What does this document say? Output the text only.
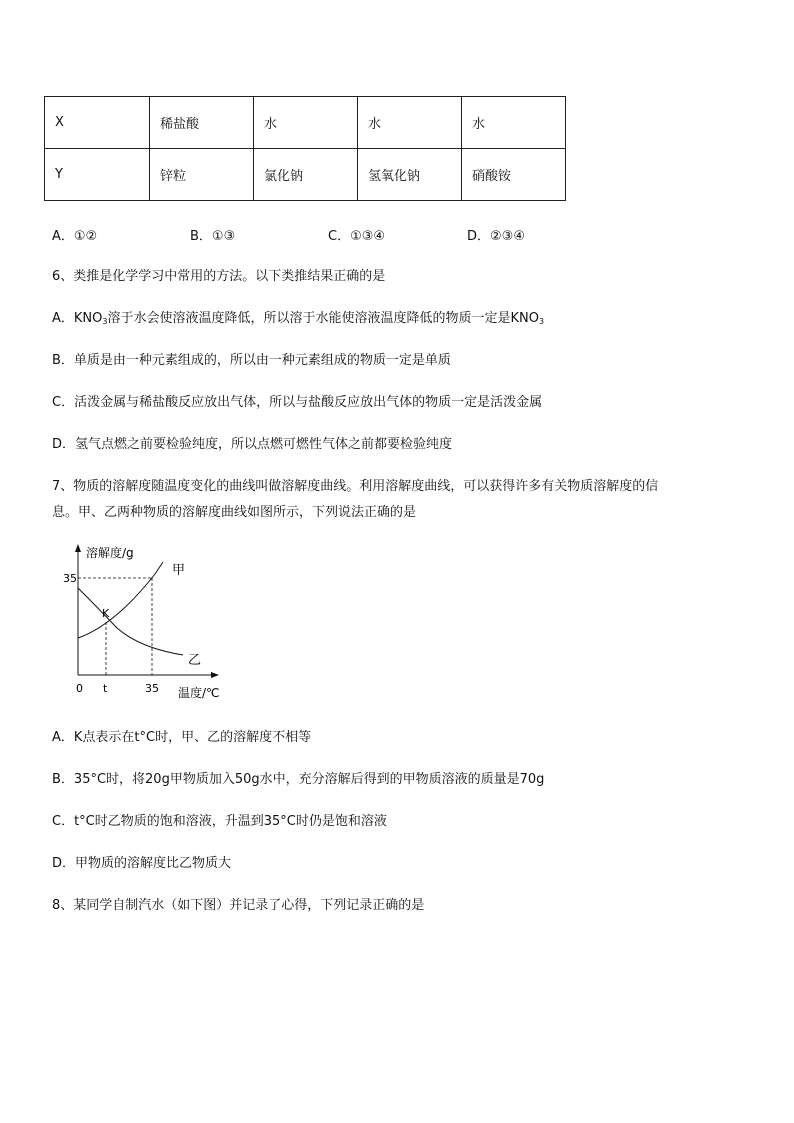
X	稀盐酸	水	水	水
Y	锌粒	氯化钠	氢氧化钠	硝酸铵
A．①②	B．①③	C．①③④	D．②③④
6、类推是化学学习中常用的方法。以下类推结果正确的是
A．$KNO_3$溶于水会使溶液温度降低，所以溶于水能使溶液温度降低的物质一定是$KNO_3$
B．单质是由一种元素组成的，所以由一种元素组成的物质一定是单质
C．活泼金属与稀盐酸反应放出气体，所以与盐酸反应放出气体的物质一定是活泼金属
D．氢气点燃之前要检验纯度，所以点燃可燃性气体之前都要检验纯度
7、物质的溶解度随温度变化的曲线叫做溶解度曲线。利用溶解度曲线，可以获得许多有关物质溶解度的信
息。甲、乙两种物质的溶解度曲线如图所示，下列说法正确的是
溶解度/g
甲
乙
K
35
0 t	35 温度/℃
A．K点表示在t°C时，甲、乙的溶解度不相等
B．35°C时，将20g甲物质加入50g水中，充分溶解后得到的甲物质溶液的质量是70g
C．t°C时乙物质的饱和溶液，升温到35°C时仍是饱和溶液
D．甲物质的溶解度比乙物质大
8、某同学自制汽水（如下图）并记录了心得，下列记录正确的是
